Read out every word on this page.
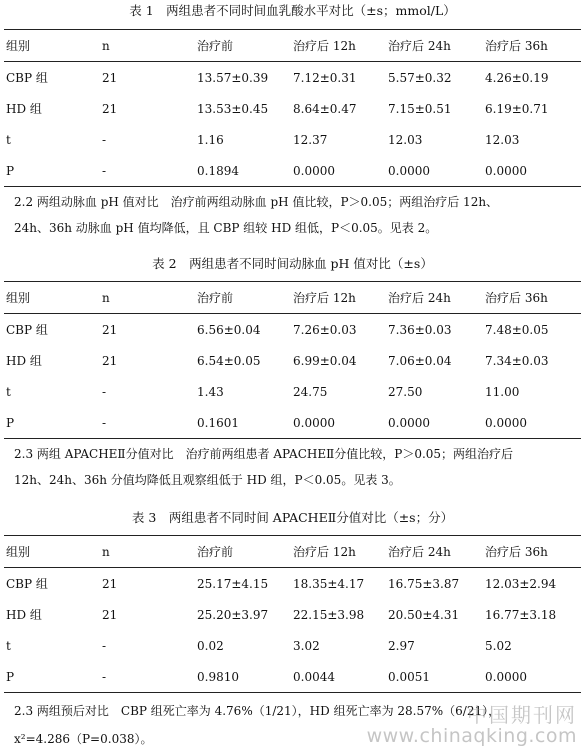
表 1　两组患者不同时间血乳酸水平对比（±s；mmol/L）
组别	n	治疗前	治疗后 12h	治疗后 24h	治疗后 36h
CBP 组	21	13.57±0.39	7.12±0.31	5.57±0.32	4.26±0.19
HD 组	21	13.53±0.45	8.64±0.47	7.15±0.51	6.19±0.71
t	-	1.16	12.37	12.03	12.03
P	-	0.1894	0.0000	0.0000	0.0000
2.2 两组动脉血 pH 值对比　治疗前两组动脉血 pH 值比较，P＞0.05；两组治疗后 12h、
24h、36h 动脉血 pH 值均降低，且 CBP 组较 HD 组低，P＜0.05。见表 2。
表 2　两组患者不同时间动脉血 pH 值对比（±s）
组别	n	治疗前	治疗后 12h	治疗后 24h	治疗后 36h
CBP 组	21	6.56±0.04	7.26±0.03	7.36±0.03	7.48±0.05
HD 组	21	6.54±0.05	6.99±0.04	7.06±0.04	7.34±0.03
t	-	1.43	24.75	27.50	11.00
P	-	0.1601	0.0000	0.0000	0.0000
2.3 两组 APACHEⅡ分值对比　治疗前两组患者 APACHEⅡ分值比较，P＞0.05；两组治疗后
12h、24h、36h 分值均降低且观察组低于 HD 组，P＜0.05。见表 3。
表 3　两组患者不同时间 APACHEⅡ分值对比（±s；分）
组别	n	治疗前	治疗后 12h	治疗后 24h	治疗后 36h
CBP 组	21	25.17±4.15	18.35±4.17	16.75±3.87	12.03±2.94
HD 组	21	25.20±3.97	22.15±3.98	20.50±4.31	16.77±3.18
t	-	0.02	3.02	2.97	5.02
P	-	0.9810	0.0044	0.0051	0.0000
2.3 两组预后对比　CBP 组死亡率为 4.76%（1/21），HD 组死亡率为 28.57%（6/21），
x²=4.286（P=0.038）。
中国期刊网
www.chinaqking.com
